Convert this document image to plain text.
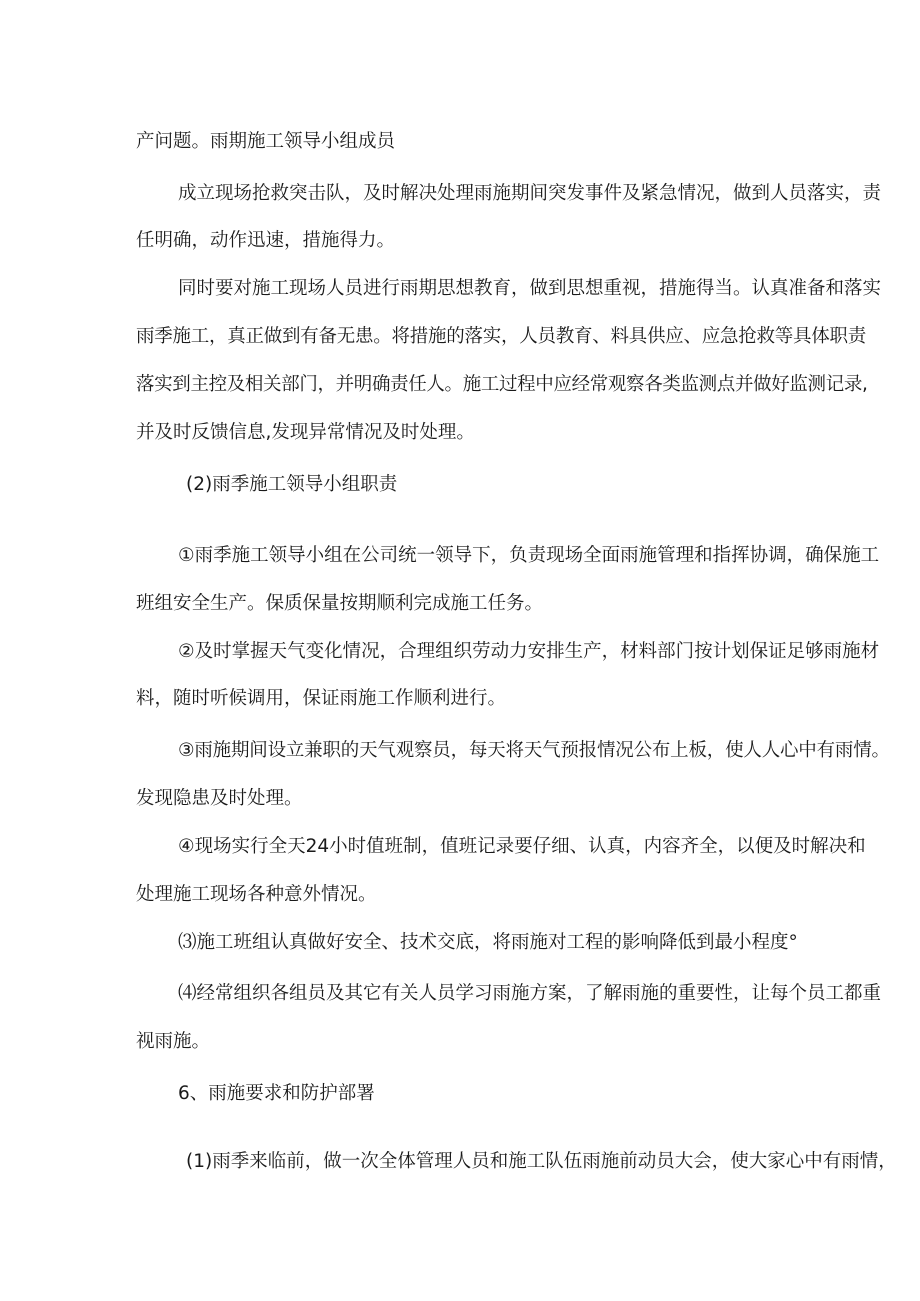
产问题。雨期施工领导小组成员

成立现场抢救突击队，及时解决处理雨施期间突发事件及紧急情况，做到人员落实，责

任明确，动作迅速，措施得力。

同时要对施工现场人员进行雨期思想教育，做到思想重视，措施得当。认真准备和落实

雨季施工，真正做到有备无患。将措施的落实，人员教育、料具供应、应急抢救等具体职责

落实到主控及相关部门，并明确责任人。施工过程中应经常观察各类监测点并做好监测记录,

并及时反馈信息,发现异常情况及时处理。

(2)雨季施工领导小组职责

①雨季施工领导小组在公司统一领导下，负责现场全面雨施管理和指挥协调，确保施工

班组安全生产。保质保量按期顺利完成施工任务。

②及时掌握天气变化情况，合理组织劳动力安排生产，材料部门按计划保证足够雨施材

料，随时听候调用，保证雨施工作顺利进行。

③雨施期间设立兼职的天气观察员，每天将天气预报情况公布上板，使人人心中有雨情。

发现隐患及时处理。

④现场实行全天24小时值班制，值班记录要仔细、认真，内容齐全，以便及时解决和

处理施工现场各种意外情况。

⑶施工班组认真做好安全、技术交底，将雨施对工程的影响降低到最小程度°

⑷经常组织各组员及其它有关人员学习雨施方案，了解雨施的重要性，让每个员工都重

视雨施。

6、雨施要求和防护部署

(1)雨季来临前，做一次全体管理人员和施工队伍雨施前动员大会，使大家心中有雨情，
